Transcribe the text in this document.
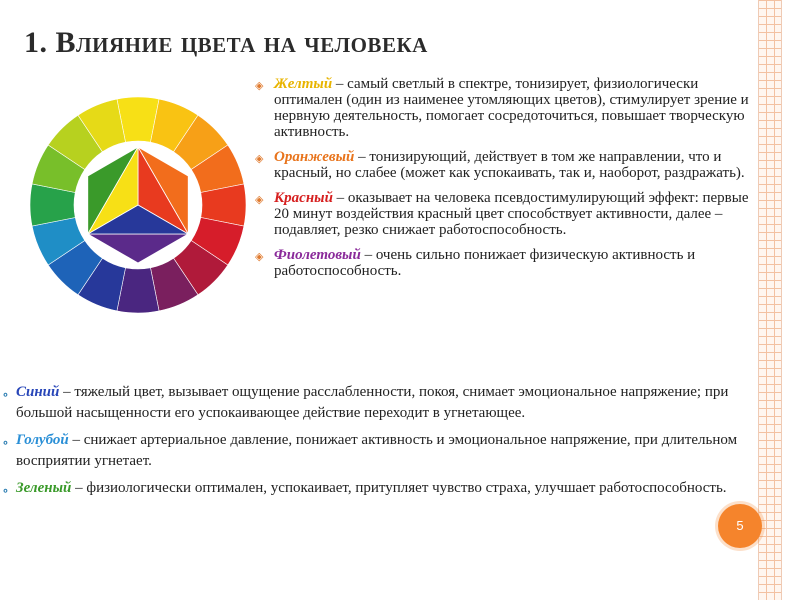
1. Влияние цвета на человека
◈ Желтый – самый светлый в спектре, тонизирует, физиологически оптимален (один из наименее утомляющих цветов), стимулирует зрение и нервную деятельность, помогает сосредоточиться, повышает творческую активность.
◈ Оранжевый – тонизирующий, действует в том же направлении, что и красный, но слабее (может как успокаивать, так и, наоборот, раздражать).
◈ Красный – оказывает на человека псевдостимулирующий эффект: первые 20 минут воздействия красный цвет способствует активности, далее – подавляет, резко снижает работоспособность.
◈ Фиолетовый – очень сильно понижает физическую активность и работоспособность.
∘ Синий – тяжелый цвет, вызывает ощущение расслабленности, покоя, снимает эмоциональное напряжение; при большой насыщенности его успокаивающее действие переходит в угнетающее.
∘ Голубой – снижает артериальное давление, понижает активность и эмоциональное напряжение, при длительном восприятии угнетает.
∘ Зеленый – физиологически оптимален, успокаивает, притупляет чувство страха, улучшает работоспособность.
5
